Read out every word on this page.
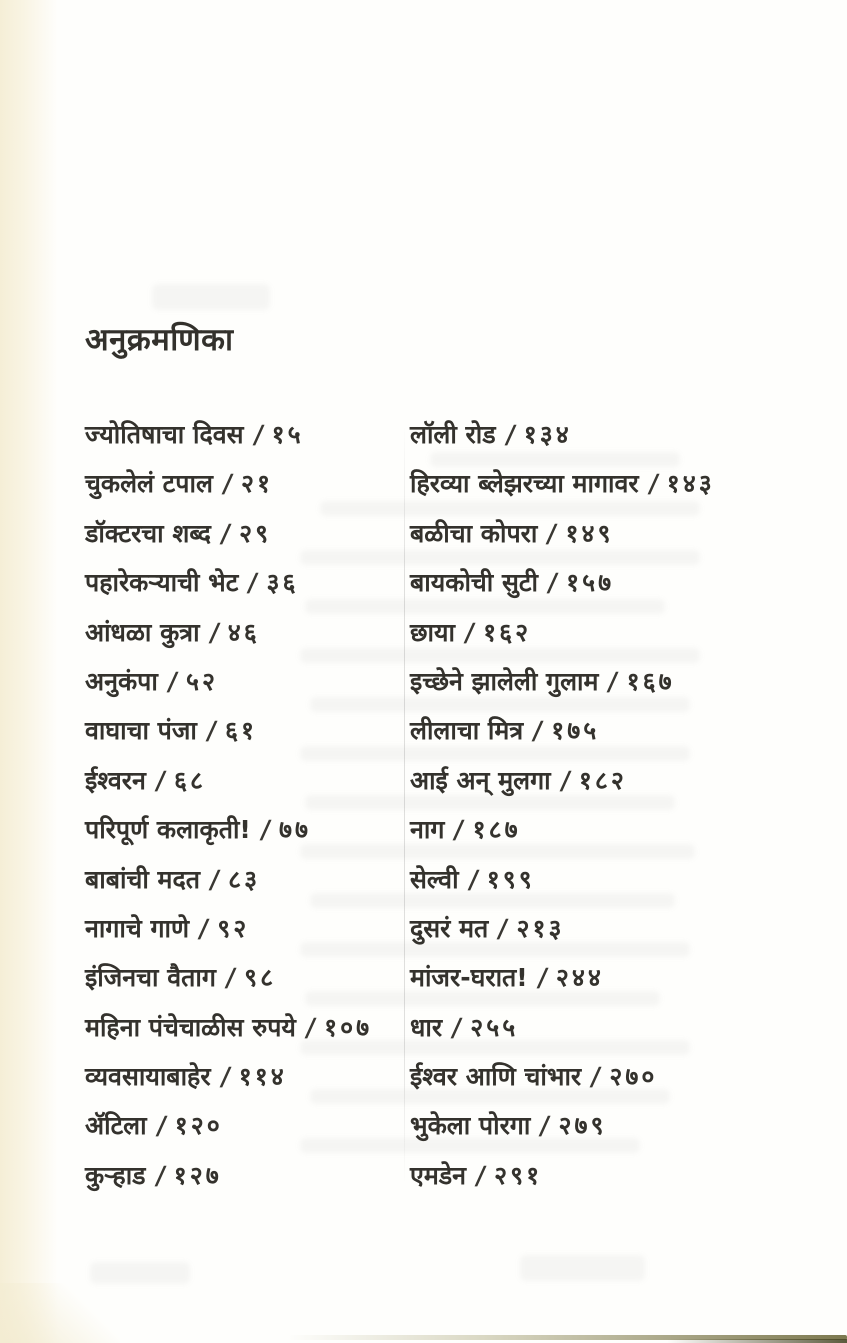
अनुक्रमणिका
ज्योतिषाचा दिवस / १५
चुकलेलं टपाल / २१
डॉक्टरचा शब्द / २९
पहारेकऱ्याची भेट / ३६
आंधळा कुत्रा / ४६
अनुकंपा / ५२
वाघाचा पंजा / ६१
ईश्वरन / ६८
परिपूर्ण कलाकृती! / ७७
बाबांची मदत / ८३
नागाचे गाणे / ९२
इंजिनचा वैताग / ९८
महिना पंचेचाळीस रुपये / १०७
व्यवसायाबाहेर / ११४
ॲटिला / १२०
कुऱ्हाड / १२७
लॉली रोड / १३४
हिरव्या ब्लेझरच्या मागावर / १४३
बळीचा कोपरा / १४९
बायकोची सुटी / १५७
छाया / १६२
इच्छेने झालेली गुलाम / १६७
लीलाचा मित्र / १७५
आई अन् मुलगा / १८२
नाग / १८७
सेल्वी / १९९
दुसरं मत / २१३
मांजर-घरात! / २४४
धार / २५५
ईश्वर आणि चांभार / २७०
भुकेला पोरगा / २७९
एमडेन / २९१
